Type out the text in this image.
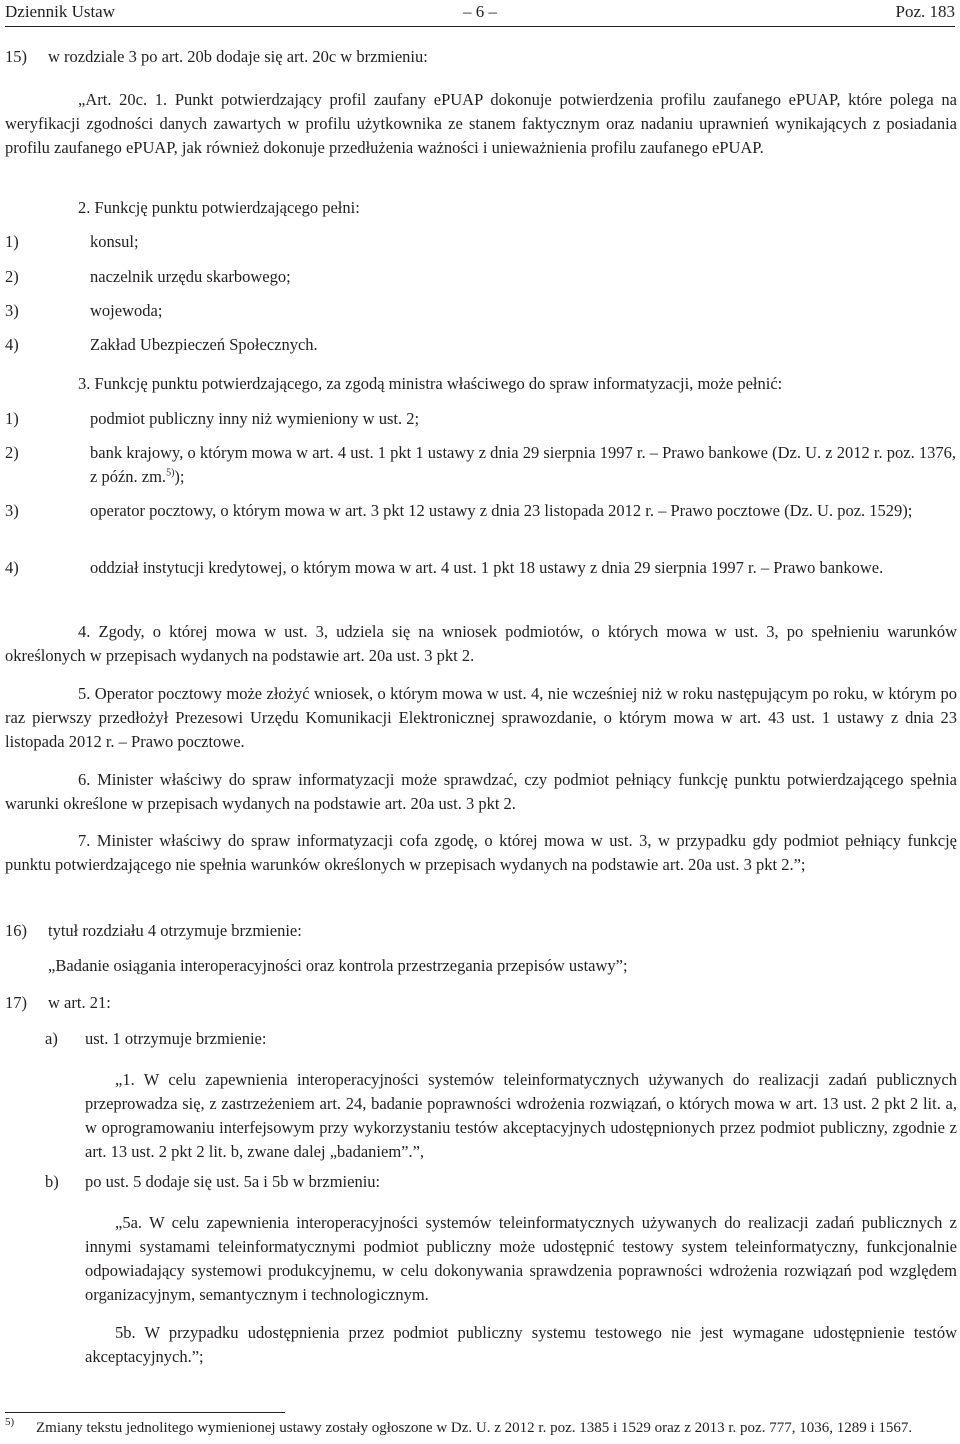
Dziennik Ustaw	– 6 –	Poz. 183
15) w rozdziale 3 po art. 20b dodaje się art. 20c w brzmieniu:
„Art. 20c. 1. Punkt potwierdzający profil zaufany ePUAP dokonuje potwierdzenia profilu zaufanego ePUAP, które polega na weryfikacji zgodności danych zawartych w profilu użytkownika ze stanem faktycznym oraz nadaniu uprawnień wynikających z posiadania profilu zaufanego ePUAP, jak również dokonuje przedłużenia ważności i unieważnienia profilu zaufanego ePUAP.
2. Funkcję punktu potwierdzającego pełni:
1)	konsul;
2)	naczelnik urzędu skarbowego;
3)	wojewoda;
4)	Zakład Ubezpieczeń Społecznych.
3. Funkcję punktu potwierdzającego, za zgodą ministra właściwego do spraw informatyzacji, może pełnić:
1)	podmiot publiczny inny niż wymieniony w ust. 2;
2)	bank krajowy, o którym mowa w art. 4 ust. 1 pkt 1 ustawy z dnia 29 sierpnia 1997 r. – Prawo bankowe (Dz. U. z 2012 r. poz. 1376, z późn. zm.$^{5)}$);
3)	operator pocztowy, o którym mowa w art. 3 pkt 12 ustawy z dnia 23 listopada 2012 r. – Prawo pocztowe (Dz. U. poz. 1529);
4)	oddział instytucji kredytowej, o którym mowa w art. 4 ust. 1 pkt 18 ustawy z dnia 29 sierpnia 1997 r. – Prawo bankowe.
4. Zgody, o której mowa w ust. 3, udziela się na wniosek podmiotów, o których mowa w ust. 3, po spełnieniu warunków określonych w przepisach wydanych na podstawie art. 20a ust. 3 pkt 2.
5. Operator pocztowy może złożyć wniosek, o którym mowa w ust. 4, nie wcześniej niż w roku następującym po roku, w którym po raz pierwszy przedłożył Prezesowi Urzędu Komunikacji Elektronicznej sprawozdanie, o którym mowa w art. 43 ust. 1 ustawy z dnia 23 listopada 2012 r. – Prawo pocztowe.
6. Minister właściwy do spraw informatyzacji może sprawdzać, czy podmiot pełniący funkcję punktu potwierdzającego spełnia warunki określone w przepisach wydanych na podstawie art. 20a ust. 3 pkt 2.
7. Minister właściwy do spraw informatyzacji cofa zgodę, o której mowa w ust. 3, w przypadku gdy podmiot pełniący funkcję punktu potwierdzającego nie spełnia warunków określonych w przepisach wydanych na podstawie art. 20a ust. 3 pkt 2.”;
16) tytuł rozdziału 4 otrzymuje brzmienie:
„Badanie osiągania interoperacyjności oraz kontrola przestrzegania przepisów ustawy”;
17) w art. 21:
a) ust. 1 otrzymuje brzmienie:
„1. W celu zapewnienia interoperacyjności systemów teleinformatycznych używanych do realizacji zadań publicznych przeprowadza się, z zastrzeżeniem art. 24, badanie poprawności wdrożenia rozwiązań, o których mowa w art. 13 ust. 2 pkt 2 lit. a, w oprogramowaniu interfejsowym przy wykorzystaniu testów akceptacyjnych udostępnionych przez podmiot publiczny, zgodnie z art. 13 ust. 2 pkt 2 lit. b, zwane dalej „badaniem”.”,
b) po ust. 5 dodaje się ust. 5a i 5b w brzmieniu:
„5a. W celu zapewnienia interoperacyjności systemów teleinformatycznych używanych do realizacji zadań publicznych z innymi systamami teleinformatycznymi podmiot publiczny może udostępnić testowy system teleinformatyczny, funkcjonalnie odpowiadający systemowi produkcyjnemu, w celu dokonywania sprawdzenia poprawności wdrożenia rozwiązań pod względem organizacyjnym, semantycznym i technologicznym.
5b. W przypadku udostępnienia przez podmiot publiczny systemu testowego nie jest wymagane udostępnienie testów akceptacyjnych.”;
5) Zmiany tekstu jednolitego wymienionej ustawy zostały ogłoszone w Dz. U. z 2012 r. poz. 1385 i 1529 oraz z 2013 r. poz. 777, 1036, 1289 i 1567.
